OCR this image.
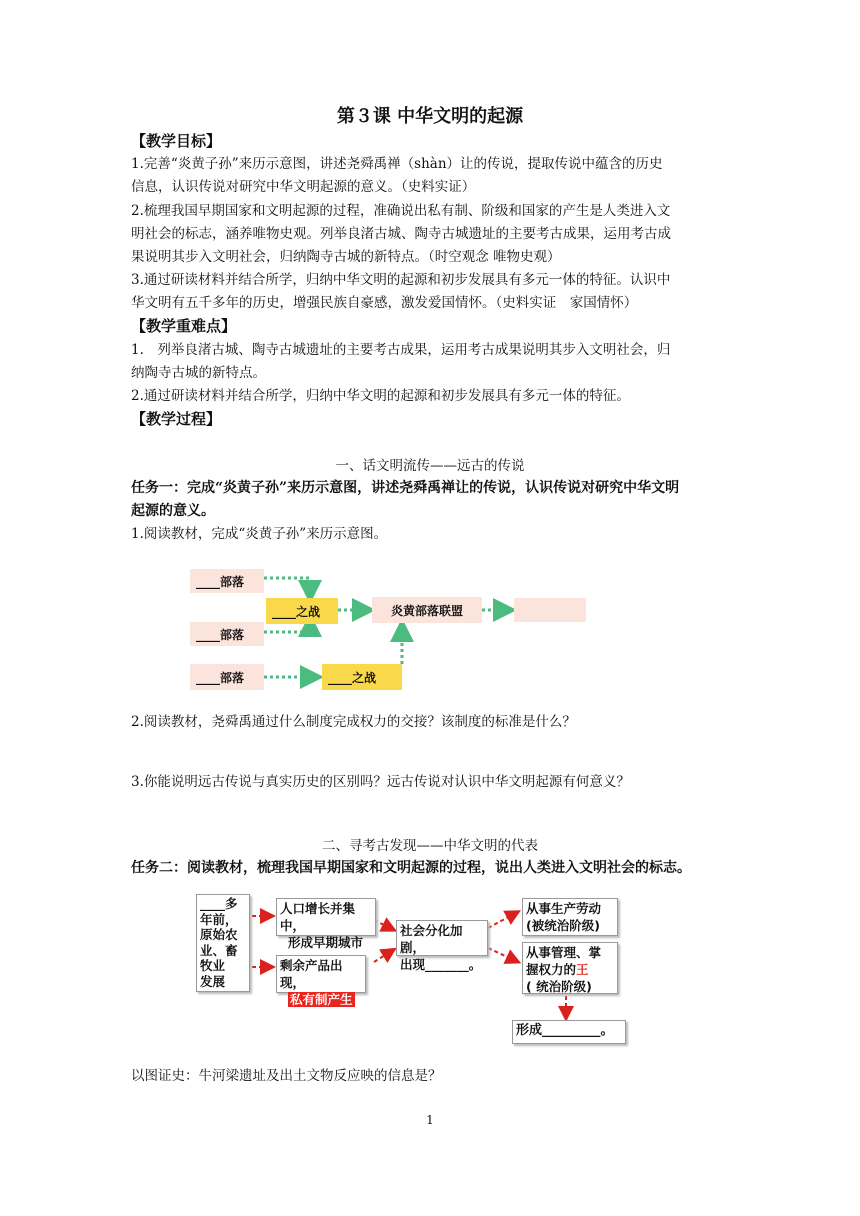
第３课 中华文明的起源
【教学目标】
1.完善“炎黄子孙”来历示意图，讲述尧舜禹禅（shàn）让的传说，提取传说中蕴含的历史
信息，认识传说对研究中华文明起源的意义。（史料实证）
2.梳理我国早期国家和文明起源的过程，准确说出私有制、阶级和国家的产生是人类进入文
明社会的标志，涵养唯物史观。列举良渚古城、陶寺古城遗址的主要考古成果，运用考古成
果说明其步入文明社会，归纳陶寺古城的新特点。（时空观念 唯物史观）
3.通过研读材料并结合所学，归纳中华文明的起源和初步发展具有多元一体的特征。认识中
华文明有五千多年的历史，增强民族自豪感，激发爱国情怀。（史料实证　家国情怀）
【教学重难点】
1.　列举良渚古城、陶寺古城遗址的主要考古成果，运用考古成果说明其步入文明社会，归
纳陶寺古城的新特点。
2.通过研读材料并结合所学，归纳中华文明的起源和初步发展具有多元一体的特征。
【教学过程】
一、话文明流传——远古的传说
任务一：完成“炎黄子孙”来历示意图，讲述尧舜禹禅让的传说，认识传说对研究中华文明
起源的意义。
1.阅读教材，完成“炎黄子孙”来历示意图。
____部落
____部落
____部落
____之战
____之战
炎黄部落联盟
2.阅读教材，尧舜禹通过什么制度完成权力的交接？该制度的标准是什么？
3.你能说明远古传说与真实历史的区别吗？远古传说对认识中华文明起源有何意义？
二、寻考古发现——中华文明的代表
任务二：阅读教材，梳理我国早期国家和文明起源的过程，说出人类进入文明社会的标志。
____多
年前，
原始农
业、畜
牧业
发展
人口增长并集中，
形成早期城市
剩余产品出现，
私有制产生
社会分化加剧，
出现_______。
从事生产劳动
(被统治阶级)
从事管理、掌
握权力的王
( 统治阶级)
形成_________。
以图证史：牛河梁遗址及出土文物反应映的信息是？
1
